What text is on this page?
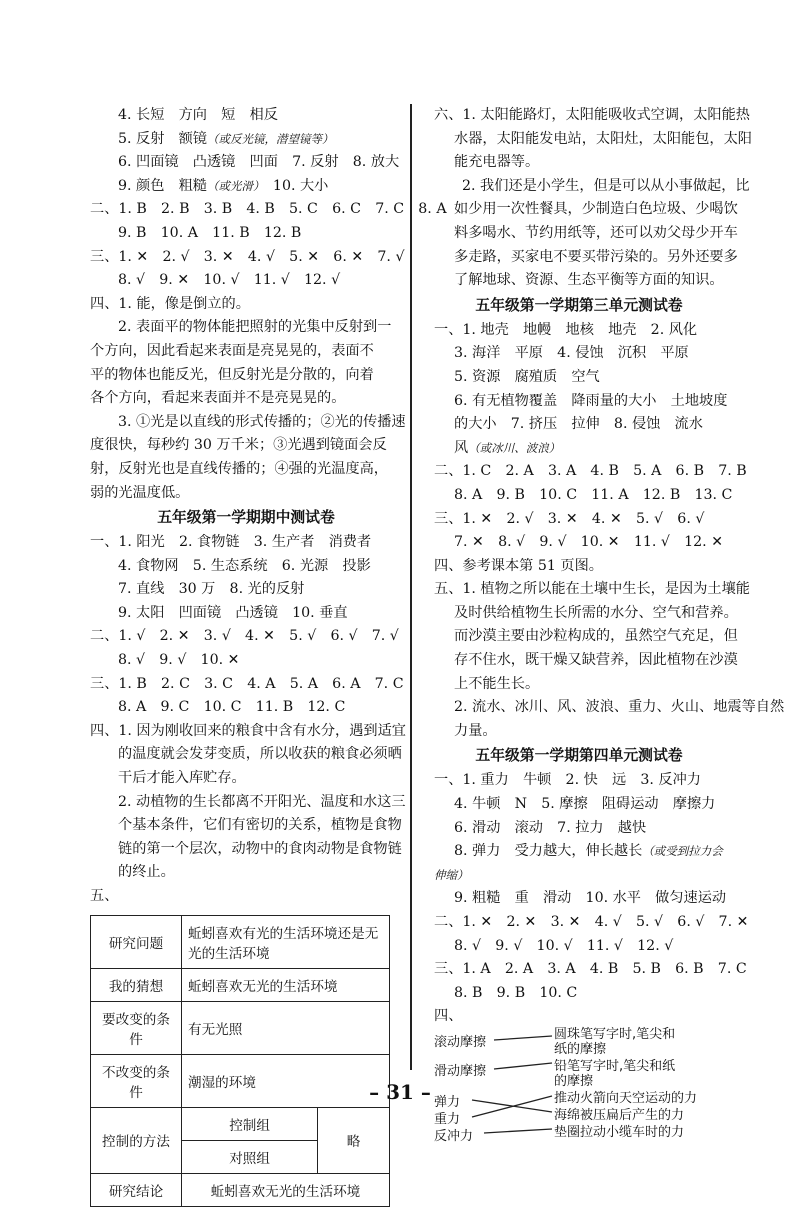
4. 长短　方向　短　相反
5. 反射　额镜（或反光镜，潜望镜等）
6. 凹面镜　凸透镜　凹面　7. 反射　8. 放大
9. 颜色　粗糙（或光滑）　10. 大小
二、1. B　2. B　3. B　4. B　5. C　6. C　7. C　8. A
9. B　10. A　11. B　12. B
三、1. ✕　2. √　3. ✕　4. √　5. ✕　6. ✕　7. √
8. √　9. ✕　10. √　11. √　12. √
四、1. 能，像是倒立的。
2. 表面平的物体能把照射的光集中反射到一
个方向，因此看起来表面是亮晃晃的，表面不
平的物体也能反光，但反射光是分散的，向着
各个方向，看起来表面并不是亮晃晃的。
3. ①光是以直线的形式传播的；②光的传播速
度很快，每秒约 30 万千米；③光遇到镜面会反
射，反射光也是直线传播的；④强的光温度高，
弱的光温度低。
五年级第一学期期中测试卷
一、1. 阳光　2. 食物链　3. 生产者　消费者
4. 食物网　5. 生态系统　6. 光源　投影
7. 直线　30 万　8. 光的反射
9. 太阳　凹面镜　凸透镜　10. 垂直
二、1. √　2. ✕　3. √　4. ✕　5. √　6. √　7. √
8. √　9. √　10. ✕
三、1. B　2. C　3. C　4. A　5. A　6. A　7. C
8. A　9. C　10. C　11. B　12. C
四、1. 因为刚收回来的粮食中含有水分，遇到适宜
的温度就会发芽变质，所以收获的粮食必须晒
干后才能入库贮存。
2. 动植物的生长都离不开阳光、温度和水这三
个基本条件，它们有密切的关系，植物是食物
链的第一个层次，动物中的食肉动物是食物链
的终止。
五、
研究问题	蚯蚓喜欢有光的生活环境还是无光的生活环境	
我的猜想	蚯蚓喜欢无光的生活环境	
要改变的条件	有无光照	
不改变的条件	潮湿的环境	
控制的方法	控制组	略
	对照组	
研究结论	蚯蚓喜欢无光的生活环境	
六、1. 太阳能路灯，太阳能吸收式空调，太阳能热
水器，太阳能发电站，太阳灶，太阳能包，太阳
能充电器等。
2. 我们还是小学生，但是可以从小事做起，比
如少用一次性餐具，少制造白色垃圾、少喝饮
料多喝水、节约用纸等，还可以劝父母少开车
多走路，买家电不要买带污染的。另外还要多
了解地球、资源、生态平衡等方面的知识。
五年级第一学期第三单元测试卷
一、1. 地壳　地幔　地核　地壳　2. 风化
3. 海洋　平原　4. 侵蚀　沉积　平原
5. 资源　腐殖质　空气
6. 有无植物覆盖　降雨量的大小　土地坡度
的大小　7. 挤压　拉伸　8. 侵蚀　流水
风（或冰川、波浪）
二、1. C　2. A　3. A　4. B　5. A　6. B　7. B
8. A　9. B　10. C　11. A　12. B　13. C
三、1. ✕　2. √　3. ✕　4. ✕　5. √　6. √
7. ✕　8. √　9. √　10. ✕　11. √　12. ✕
四、参考课本第 51 页图。
五、1. 植物之所以能在土壤中生长，是因为土壤能
及时供给植物生长所需的水分、空气和营养。
而沙漠主要由沙粒构成的，虽然空气充足，但
存不住水，既干燥又缺营养，因此植物在沙漠
上不能生长。
2. 流水、冰川、风、波浪、重力、火山、地震等自然
力量。
五年级第一学期第四单元测试卷
一、1. 重力　牛顿　2. 快　远　3. 反冲力
4. 牛顿　N　5. 摩擦　阻碍运动　摩擦力
6. 滑动　滚动　7. 拉力　越快
8. 弹力　受力越大，伸长越长（或受到拉力会
伸缩）
9. 粗糙　重　滑动　10. 水平　做匀速运动
二、1. ✕　2. ✕　3. ✕　4. √　5. √　6. √　7. ✕
8. √　9. √　10. √　11. √　12. √
三、1. A　2. A　3. A　4. B　5. B　6. B　7. C
8. B　9. B　10. C
四、
滚动摩擦
滑动摩擦
弹力
重力
反冲力
圆珠笔写字时,笔尖和
纸的摩擦
铅笔写字时,笔尖和纸
的摩擦
推动火箭向天空运动的力
海绵被压扁后产生的力
垫圈拉动小缆车时的力
– 31 –
